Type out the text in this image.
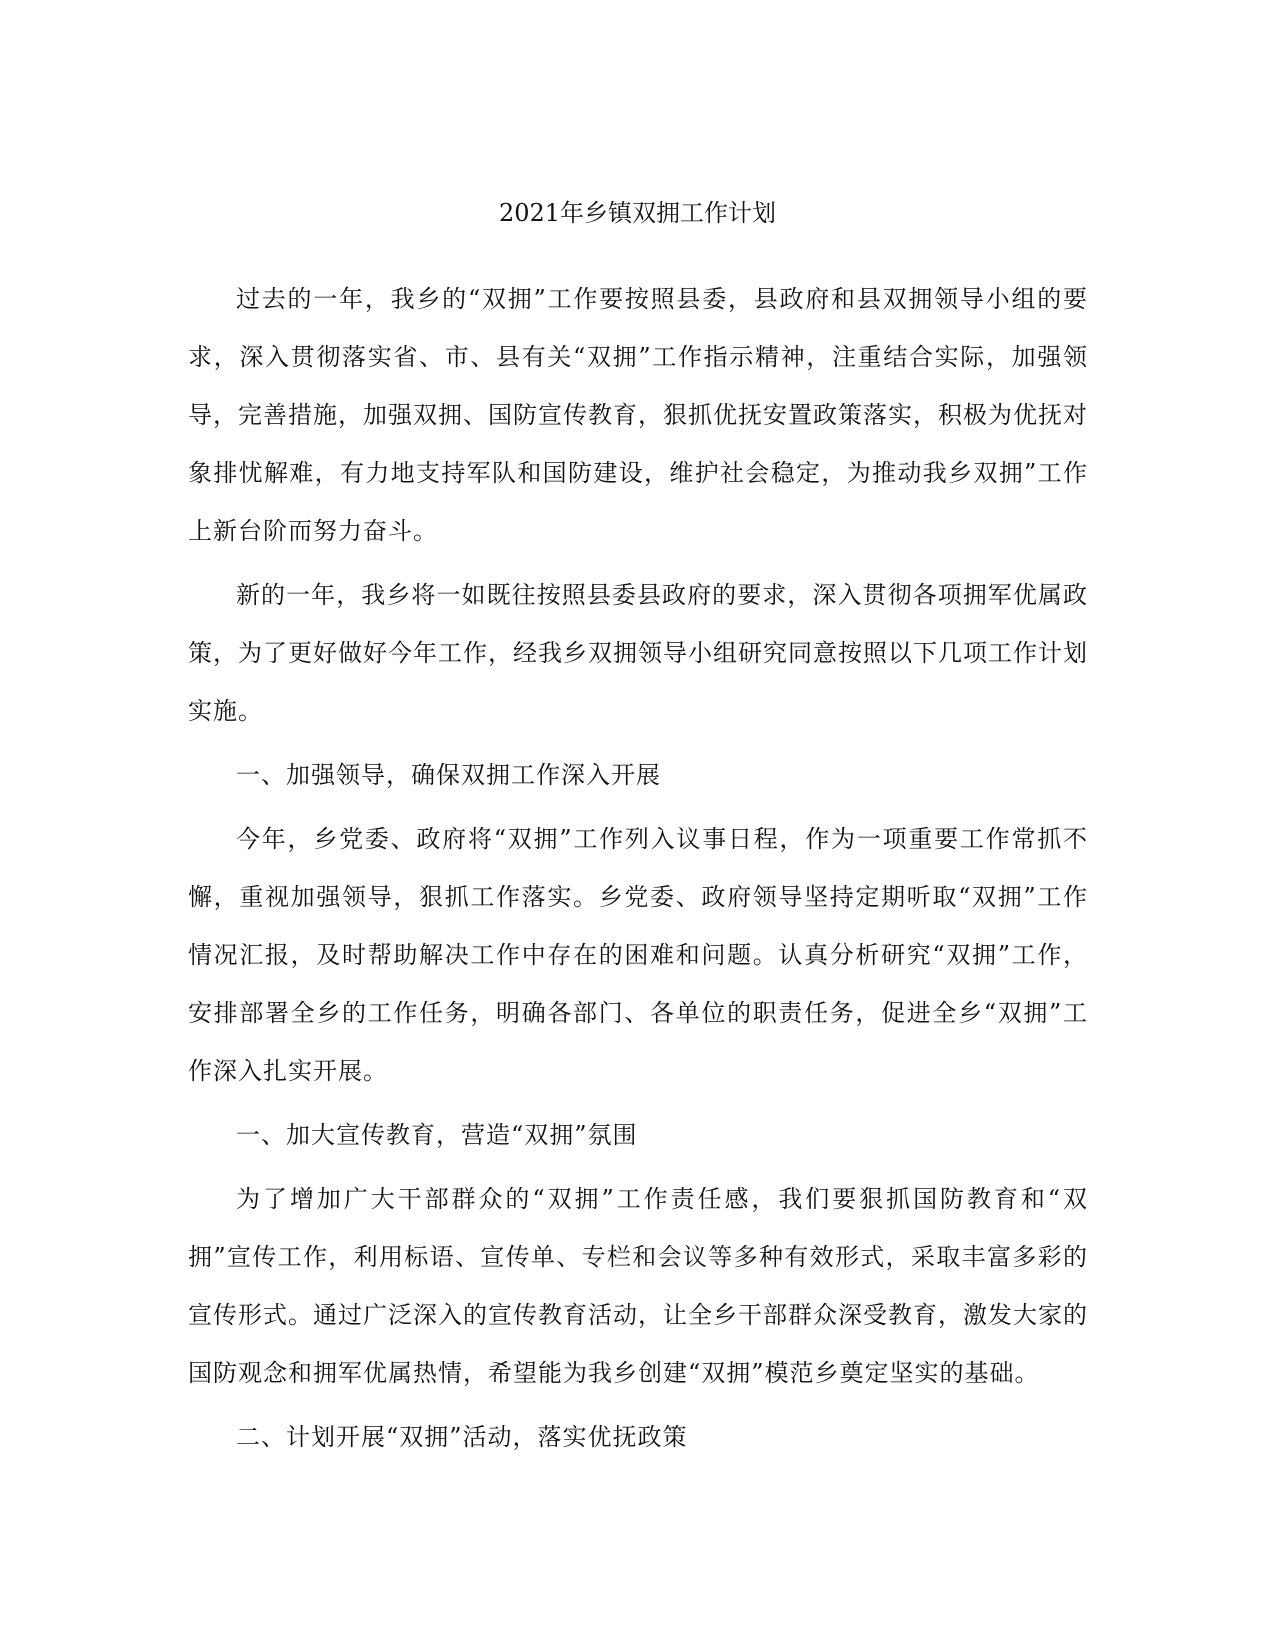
2021年乡镇双拥工作计划

过去的一年，我乡的“双拥”工作要按照县委，县政府和县双拥领导小组的要求，深入贯彻落实省、市、县有关“双拥”工作指示精神，注重结合实际，加强领导，完善措施，加强双拥、国防宣传教育，狠抓优抚安置政策落实，积极为优抚对象排忧解难，有力地支持军队和国防建设，维护社会稳定，为推动我乡双拥”工作上新台阶而努力奋斗。

新的一年，我乡将一如既往按照县委县政府的要求，深入贯彻各项拥军优属政策，为了更好做好今年工作，经我乡双拥领导小组研究同意按照以下几项工作计划实施。

一、加强领导，确保双拥工作深入开展

今年，乡党委、政府将“双拥”工作列入议事日程，作为一项重要工作常抓不懈，重视加强领导，狠抓工作落实。乡党委、政府领导坚持定期听取“双拥”工作情况汇报，及时帮助解决工作中存在的困难和问题。认真分析研究“双拥”工作，安排部署全乡的工作任务，明确各部门、各单位的职责任务，促进全乡“双拥”工作深入扎实开展。

一、加大宣传教育，营造“双拥”氛围

为了增加广大干部群众的“双拥”工作责任感，我们要狠抓国防教育和“双拥”宣传工作，利用标语、宣传单、专栏和会议等多种有效形式，采取丰富多彩的宣传形式。通过广泛深入的宣传教育活动，让全乡干部群众深受教育，激发大家的国防观念和拥军优属热情，希望能为我乡创建“双拥”模范乡奠定坚实的基础。

二、计划开展“双拥”活动，落实优抚政策
